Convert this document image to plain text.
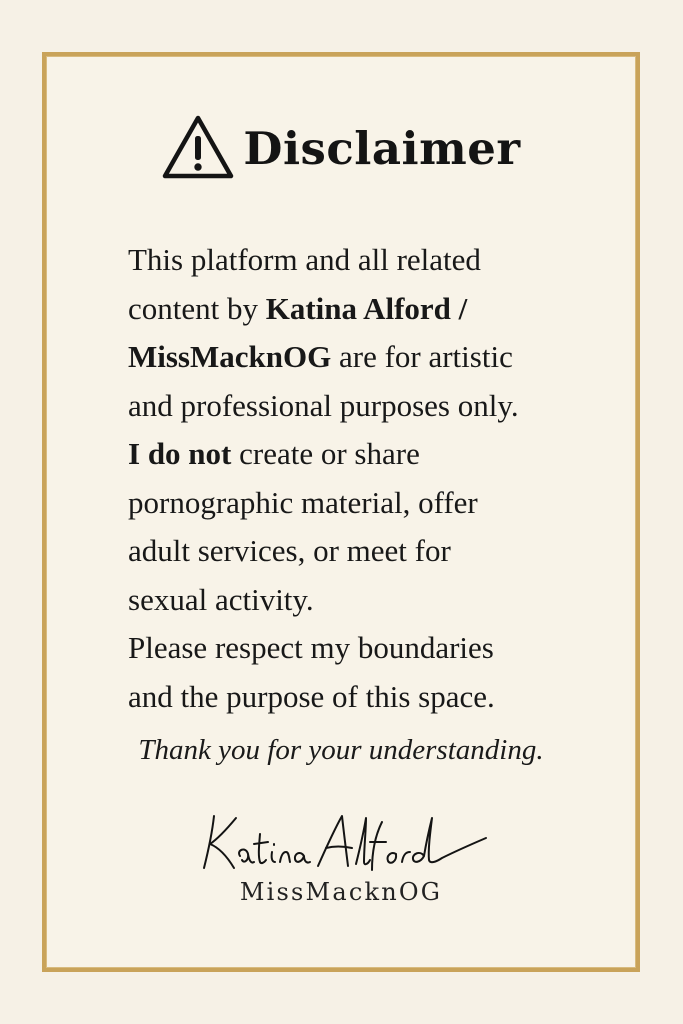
Disclaimer
This platform and all related
content by Katina Alford /
MissMacknOG are for artistic
and professional purposes only.
I do not create or share
pornographic material, offer
adult services, or meet for
sexual activity.
Please respect my boundaries
and the purpose of this space.
Thank you for your understanding.
MissMacknOG
